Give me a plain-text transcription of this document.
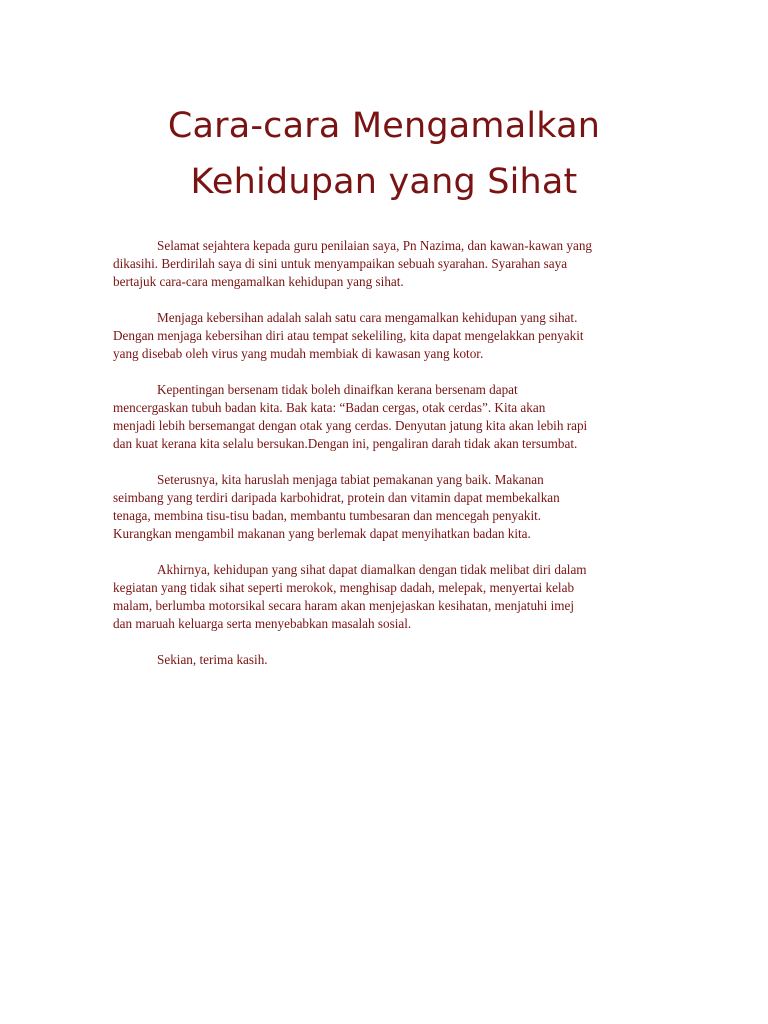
Cara-cara Mengamalkan
Kehidupan yang Sihat
Selamat sejahtera kepada guru penilaian saya, Pn Nazima, dan kawan-kawan yang
dikasihi. Berdirilah saya di sini untuk menyampaikan sebuah syarahan. Syarahan saya
bertajuk cara-cara mengamalkan kehidupan yang sihat.
Menjaga kebersihan adalah salah satu cara mengamalkan kehidupan yang sihat.
Dengan menjaga kebersihan diri atau tempat sekeliling, kita dapat mengelakkan penyakit
yang disebab oleh virus yang mudah membiak di kawasan yang kotor.
Kepentingan bersenam tidak boleh dinaifkan kerana bersenam dapat
mencergaskan tubuh badan kita. Bak kata: “Badan cergas, otak cerdas”. Kita akan
menjadi lebih bersemangat dengan otak yang cerdas. Denyutan jatung kita akan lebih rapi
dan kuat kerana kita selalu bersukan.Dengan ini, pengaliran darah tidak akan tersumbat.
Seterusnya, kita haruslah menjaga tabiat pemakanan yang baik. Makanan
seimbang yang terdiri daripada karbohidrat, protein dan vitamin dapat membekalkan
tenaga, membina tisu-tisu badan, membantu tumbesaran dan mencegah penyakit.
Kurangkan mengambil makanan yang berlemak dapat menyihatkan badan kita.
Akhirnya, kehidupan yang sihat dapat diamalkan dengan tidak melibat diri dalam
kegiatan yang tidak sihat seperti merokok, menghisap dadah, melepak, menyertai kelab
malam, berlumba motorsikal secara haram akan menjejaskan kesihatan, menjatuhi imej
dan maruah keluarga serta menyebabkan masalah sosial.
Sekian, terima kasih.
